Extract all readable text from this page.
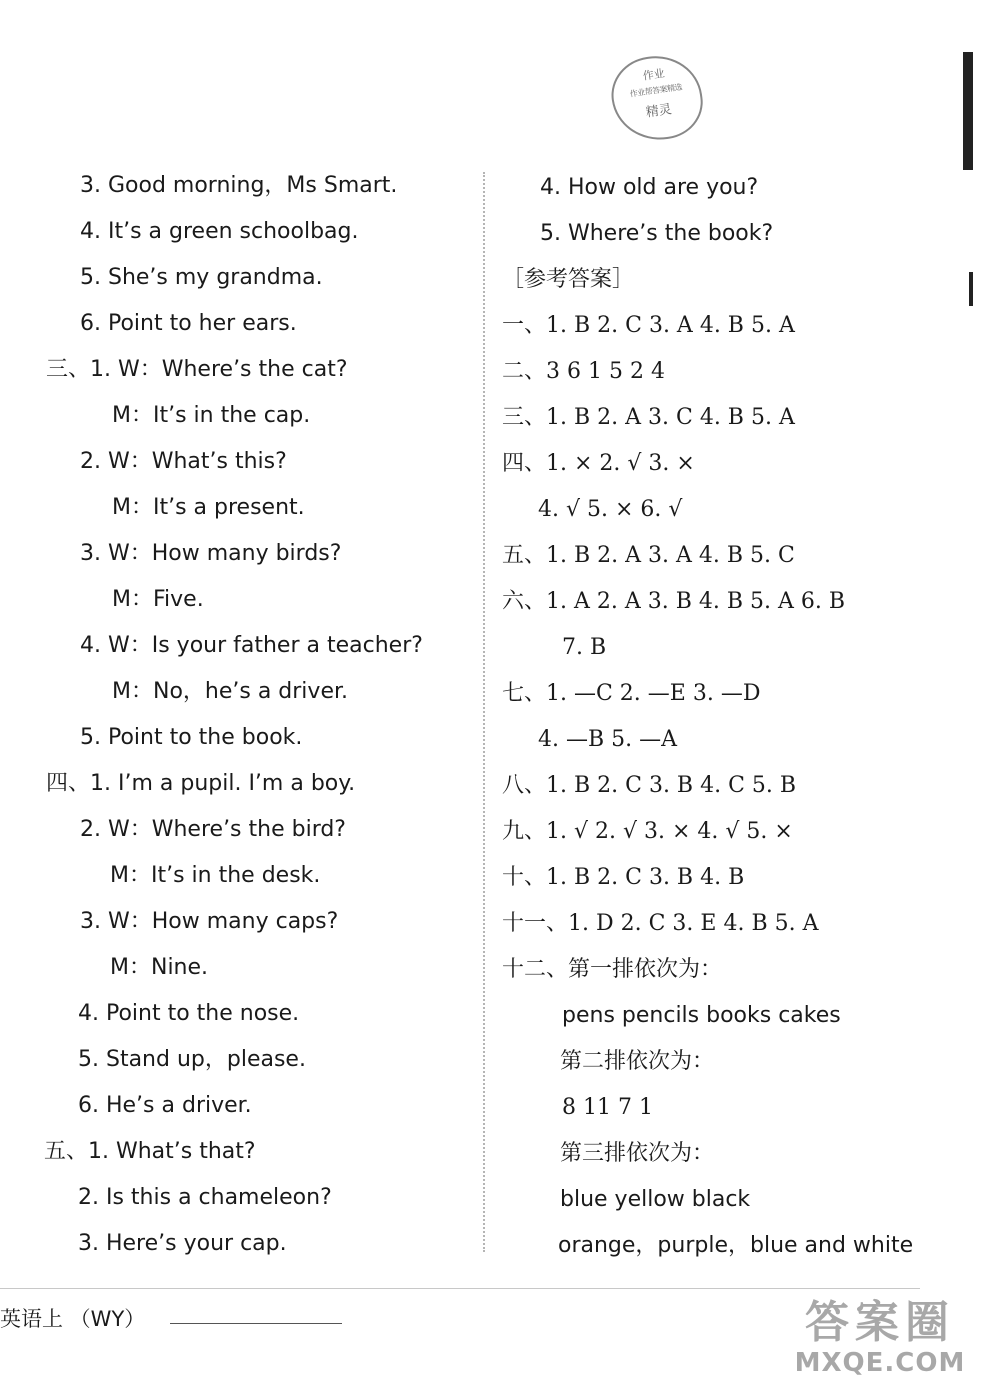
作业
作业帮答案精选
精灵
3. Good morning，Ms Smart.
4. It’s a green schoolbag.
5. She’s my grandma.
6. Point to her ears.
三、1. W：Where’s the cat?
M：It’s in the cap.
2. W：What’s this?
M：It’s a present.
3. W：How many birds?
M：Five.
4. W：Is your father a teacher?
M：No，he’s a driver.
5. Point to the book.
四、1. I’m a pupil. I’m a boy.
2. W：Where’s the bird?
M：It’s in the desk.
3. W：How many caps?
M：Nine.
4. Point to the nose.
5. Stand up，please.
6. He’s a driver.
五、1. What’s that?
2. Is this a chameleon?
3. Here’s your cap.
4. How old are you?
5. Where’s the book?
［参考答案］
一、1. B 2. C 3. A 4. B 5. A
二、3 6 1 5 2 4
三、1. B 2. A 3. C 4. B 5. A
四、1. × 2. √ 3. ×
4. √ 5. × 6. √
五、1. B 2. A 3. A 4. B 5. C
六、1. A 2. A 3. B 4. B 5. A 6. B
7. B
七、1. —C 2. —E 3. —D
4. —B 5. —A
八、1. B 2. C 3. B 4. C 5. B
九、1. √ 2. √ 3. × 4. √ 5. ×
十、1. B 2. C 3. B 4. B
十一、1. D 2. C 3. E 4. B 5. A
十二、第一排依次为：
pens pencils books cakes
第二排依次为：
8 11 7 1
第三排依次为：
blue yellow black
orange，purple，blue and white
英语上 （WY）	答案圈
MXQE.COM
